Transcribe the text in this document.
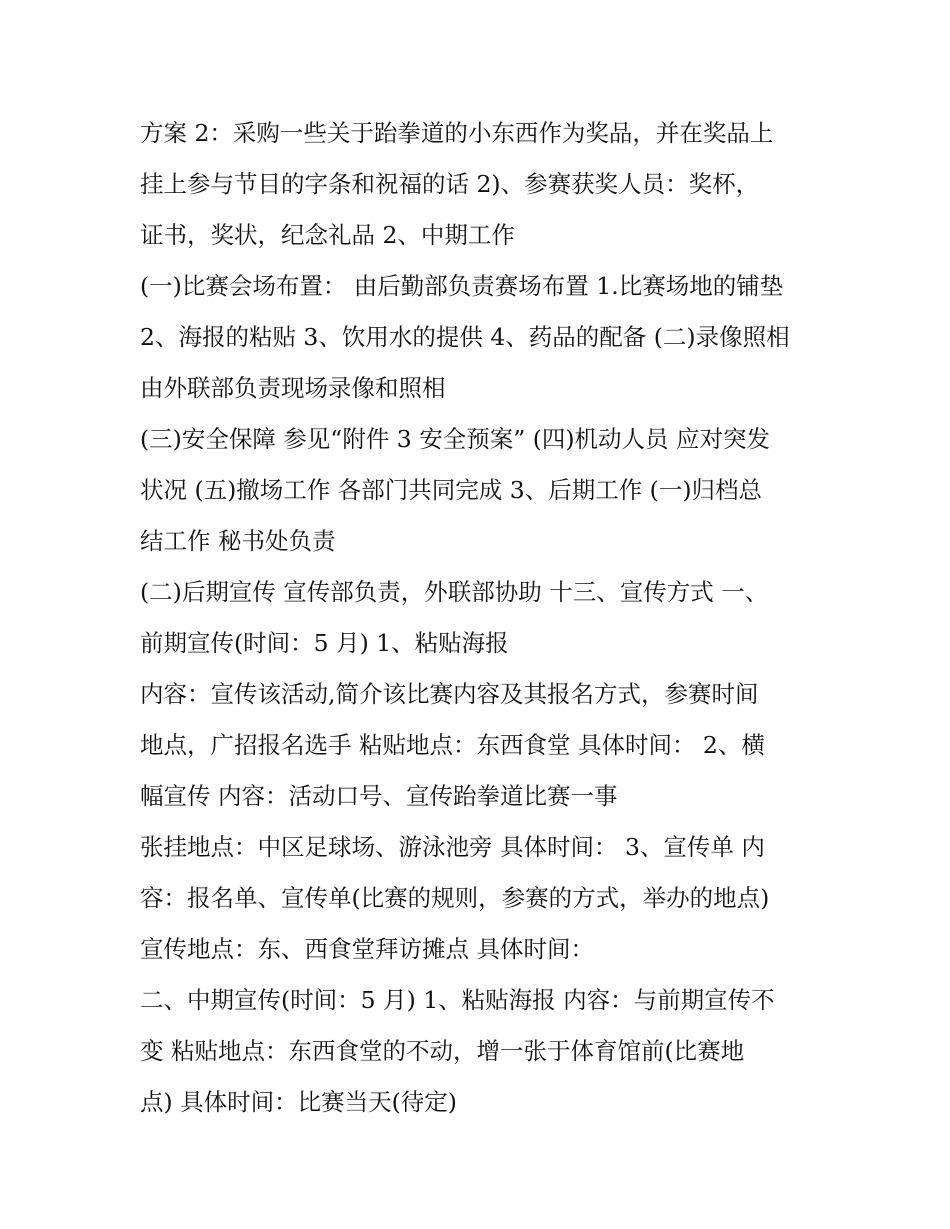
方案 2：采购一些关于跆拳道的小东西作为奖品，并在奖品上
挂上参与节目的字条和祝福的话 2)、参赛获奖人员：奖杯，
证书，奖状，纪念礼品 2、中期工作
(一)比赛会场布置： 由后勤部负责赛场布置 1.比赛场地的铺垫
2、海报的粘贴 3、饮用水的提供 4、药品的配备 (二)录像照相
由外联部负责现场录像和照相
(三)安全保障 参见“附件 3 安全预案” (四)机动人员 应对突发
状况 (五)撤场工作 各部门共同完成 3、后期工作 (一)归档总
结工作 秘书处负责
(二)后期宣传 宣传部负责，外联部协助 十三、宣传方式 一、
前期宣传(时间：5 月) 1、粘贴海报
内容：宣传该活动,简介该比赛内容及其报名方式，参赛时间
地点，广招报名选手 粘贴地点：东西食堂 具体时间： 2、横
幅宣传 内容：活动口号、宣传跆拳道比赛一事
张挂地点：中区足球场、游泳池旁 具体时间： 3、宣传单 内
容：报名单、宣传单(比赛的规则，参赛的方式，举办的地点)
宣传地点：东、西食堂拜访摊点 具体时间：
二、中期宣传(时间：5 月) 1、粘贴海报 内容：与前期宣传不
变 粘贴地点：东西食堂的不动，增一张于体育馆前(比赛地
点) 具体时间：比赛当天(待定)
